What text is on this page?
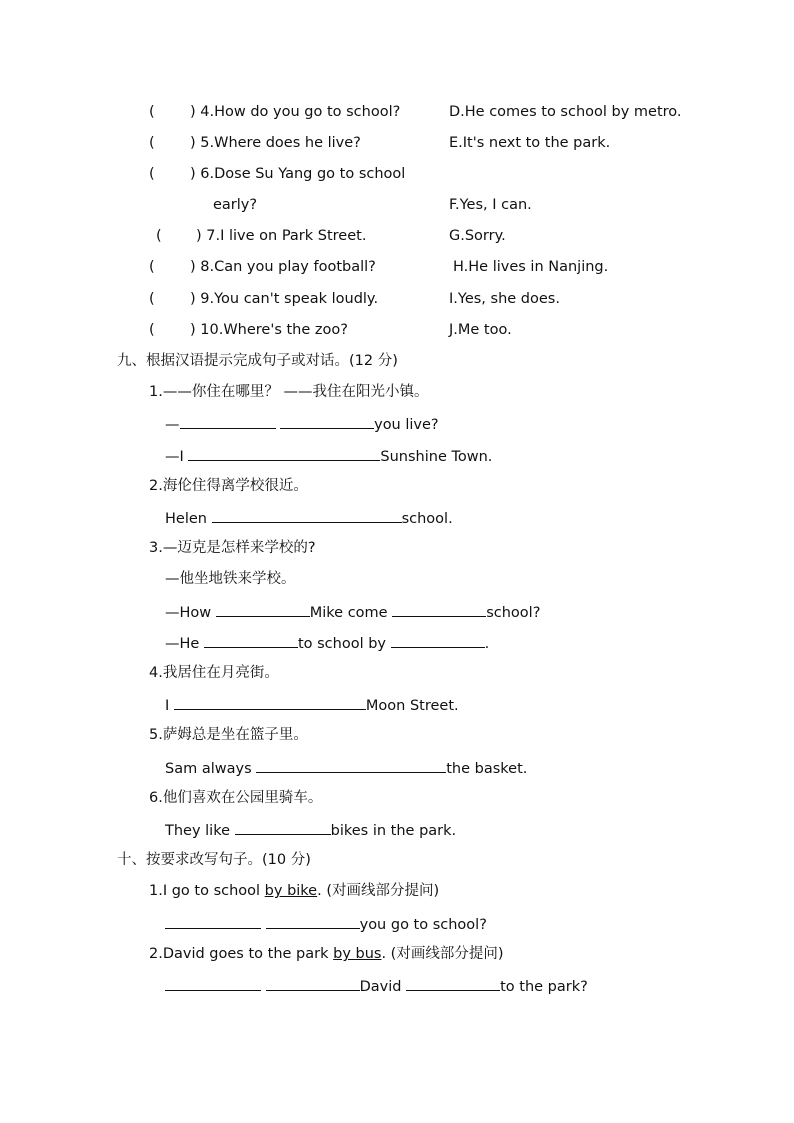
( ) 4.How do you go to school?	D.He comes to school by metro.
( ) 5.Where does he live?	E.It's next to the park.
( ) 6.Dose Su Yang go to school
early?	F.Yes, I can.
( ) 7.I live on Park Street.	G.Sorry.
( ) 8.Can you play football?	H.He lives in Nanjing.
( ) 9.You can't speak loudly.	I.Yes, she does.
( ) 10.Where's the zoo?	J.Me too.
九、根据汉语提示完成句子或对话。(12 分)
1.——你住在哪里？ ——我住在阳光小镇。
—	you live?
—I	Sunshine Town.
2.海伦住得离学校很近。
Helen	school.
3.—迈克是怎样来学校的?
—他坐地铁来学校。
—How	Mike come	school?
—He	to school by	.
4.我居住在月亮街。
I	Moon Street.
5.萨姆总是坐在篮子里。
Sam always	the basket.
6.他们喜欢在公园里骑车。
They like	bikes in the park.
十、按要求改写句子。(10 分)
1.I go to school by bike. (对画线部分提问)
you go to school?
2.David goes to the park by bus. (对画线部分提问)
David	to the park?
